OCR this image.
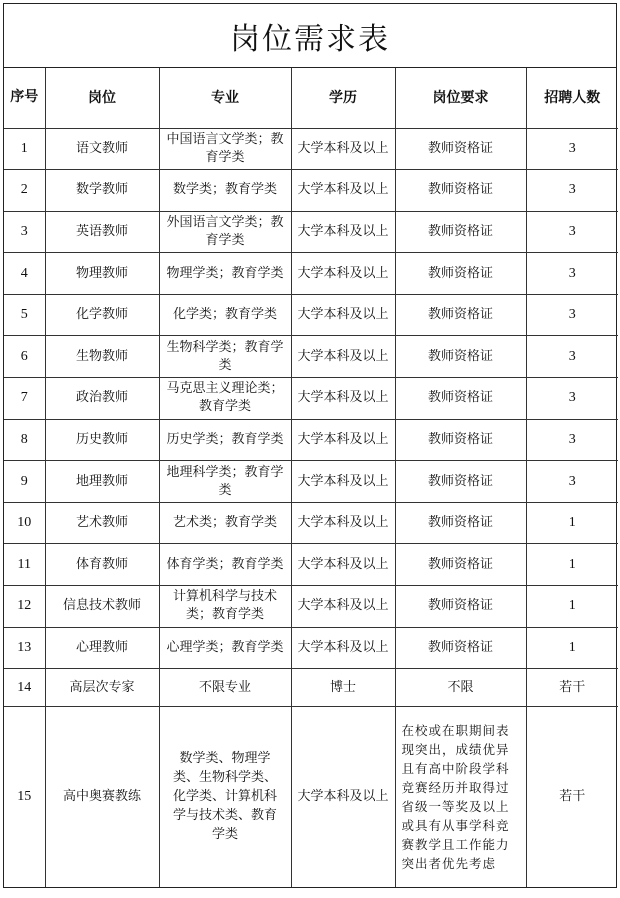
岗位需求表
序号	岗位	专业	学历	岗位要求	招聘人数
1	语文教师	中国语言文学类；教育学类	大学本科及以上	教师资格证	3
2	数学教师	数学类；教育学类	大学本科及以上	教师资格证	3
3	英语教师	外国语言文学类；教育学类	大学本科及以上	教师资格证	3
4	物理教师	物理学类；教育学类	大学本科及以上	教师资格证	3
5	化学教师	化学类；教育学类	大学本科及以上	教师资格证	3
6	生物教师	生物科学类；教育学类	大学本科及以上	教师资格证	3
7	政治教师	马克思主义理论类；教育学类	大学本科及以上	教师资格证	3
8	历史教师	历史学类；教育学类	大学本科及以上	教师资格证	3
9	地理教师	地理科学类；教育学类	大学本科及以上	教师资格证	3
10	艺术教师	艺术类；教育学类	大学本科及以上	教师资格证	1
11	体育教师	体育学类；教育学类	大学本科及以上	教师资格证	1
12	信息技术教师	计算机科学与技术类；教育学类	大学本科及以上	教师资格证	1
13	心理教师	心理学类；教育学类	大学本科及以上	教师资格证	1
14	高层次专家	不限专业	博士	不限	若干
15	高中奥赛教练	数学类、物理学类、生物科学类、化学类、计算机科学与技术类、教育学类	大学本科及以上	在校或在职期间表现突出，成绩优异且有高中阶段学科竞赛经历并取得过省级一等奖及以上或具有从事学科竞赛教学且工作能力突出者优先考虑	若干
